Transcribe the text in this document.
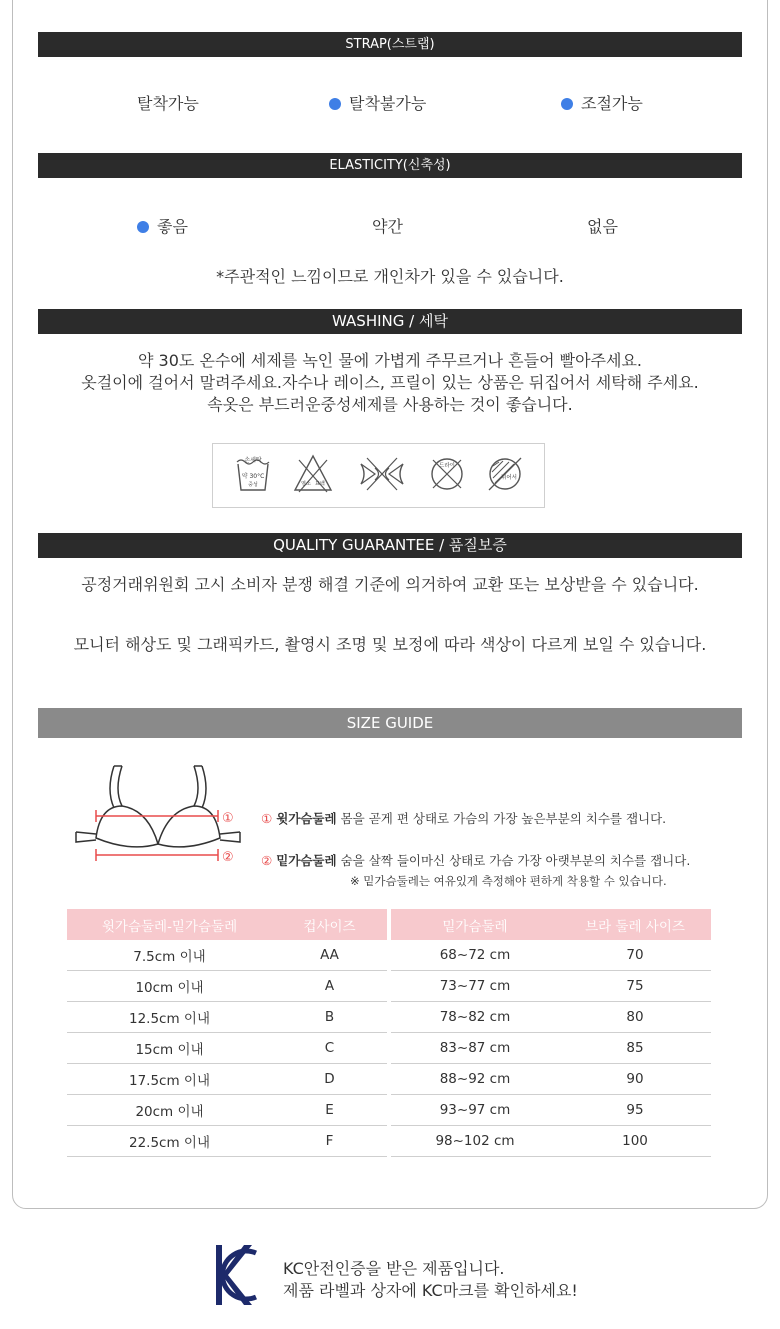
STRAP(스트랩)
탈착가능	탈착불가능	조절가능
ELASTICITY(신축성)
좋음	약간	없음
*주관적인 느낌이므로 개인차가 있을 수 있습니다.
WASHING / 세탁
약 30도 온수에 세제를 녹인 물에 가볍게 주무르거나 흔들어 빨아주세요.
옷걸이에 걸어서 말려주세요.자수나 레이스, 프릴이 있는 상품은 뒤집어서 세탁해 주세요.
속옷은 부드러운중성세제를 사용하는 것이 좋습니다.
손세탁
약 30°C
중성	염소 표백
드라이
뉘어서
QUALITY GUARANTEE / 품질보증
공정거래위원회 고시 소비자 분쟁 해결 기준에 의거하여 교환 또는 보상받을 수 있습니다.
모니터 해상도 및 그래픽카드, 촬영시 조명 및 보정에 따라 색상이 다르게 보일 수 있습니다.
SIZE GUIDE
①
②
① 윗가슴둘레 몸을 곧게 편 상태로 가슴의 가장 높은부분의 치수를 잽니다.
② 밑가슴둘레 숨을 살짝 들이마신 상태로 가슴 가장 아랫부분의 치수를 잽니다.
※ 밑가슴둘레는 여유있게 측정해야 편하게 착용할 수 있습니다.
윗가슴둘레-밑가슴둘레	컵사이즈
7.5cm 이내	AA
10cm 이내	A
12.5cm 이내	B
15cm 이내	C
17.5cm 이내	D
20cm 이내	E
22.5cm 이내	F
밑가슴둘레	브라 둘레 사이즈
68~72 cm	70
73~77 cm	75
78~82 cm	80
83~87 cm	85
88~92 cm	90
93~97 cm	95
98~102 cm	100
KC안전인증을 받은 제품입니다.
제품 라벨과 상자에 KC마크를 확인하세요!
